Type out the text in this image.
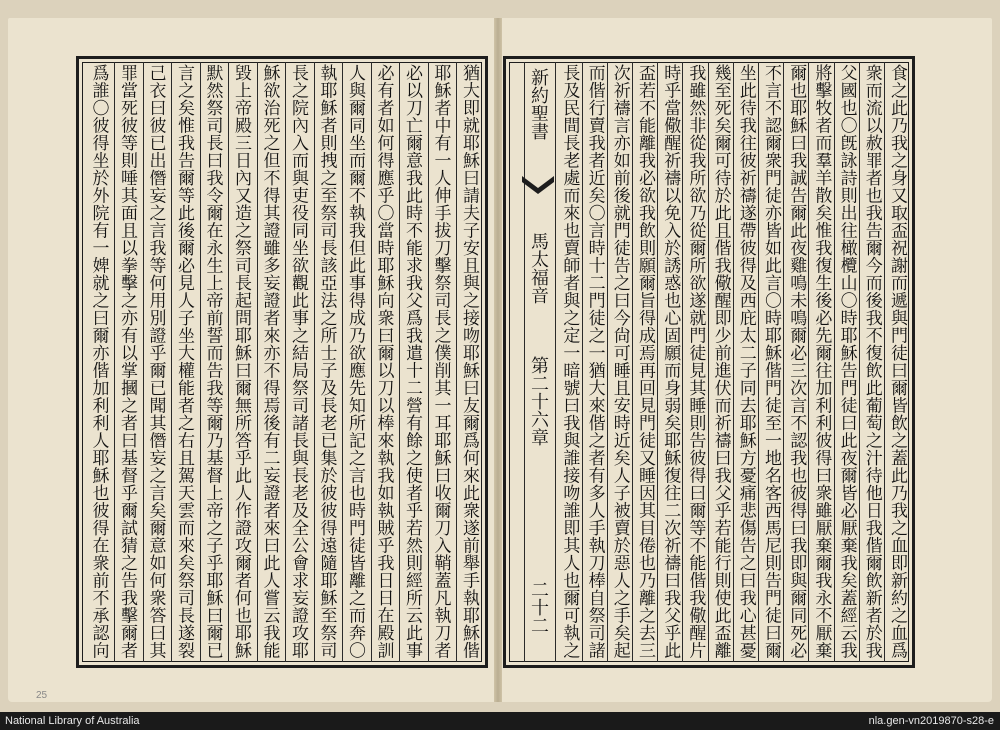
食之此乃我之身又取盃祝謝而遞與門徒曰爾皆飲之蓋此乃我之血即新約之血爲
衆而流以赦罪者也我告爾今而後我不復飲此葡萄之汁待他日我偕爾飲新者於我
父國也〇旣詠詩則出往橄欖山〇時耶穌告門徒曰此夜爾皆必厭棄我矣蓋經云我
將擊牧者而羣羊散矣惟我復生後必先爾往加利利彼得曰衆雖厭棄爾我永不厭棄
爾也耶穌曰我誠告爾此夜雞鳴未鳴爾必三次言不認我也彼得曰我即與爾同死必
不言不認爾衆門徒亦皆如此言〇時耶穌偕門徒至一地名客西馬尼則告門徒曰爾
坐此待我往彼祈禱遂帶彼得及西庇太二子同去耶穌方憂痛悲傷告之曰我心甚憂
幾至死矣爾可待於此且偕我儆醒即少前進伏而祈禱曰我父乎若能行則使此盃離
我雖然非從我所欲乃從爾所欲遂就門徒見其睡則告彼得曰爾等不能偕我儆醒片
時乎當儆醒祈禱以免入於誘惑也心固願而身弱矣耶穌復往二次祈禱曰我父乎此
盃若不能離我必欲我飲則願爾旨得成焉再回見門徒又睡因其目倦也乃離之去三
次祈禱言亦如前後就門徒告之曰今尙可睡且安時近矣人子被賣於惡人之手矣起
而偕行賣我者近矣〇言時十二門徒之一猶大來偕之者有多人手執刀棒自祭司諸
長及民間長老處而來也賣師者與之定一暗號曰我與誰接吻誰即其人也爾可執之
新約聖書
馬太福音
第二十六章
二十二
猶大即就耶穌曰請夫子安且與之接吻耶穌曰友爾爲何來此衆遂前舉手執耶穌偕
耶穌者中有一人伸手拔刀擊祭司長之僕削其一耳耶穌曰收爾刀入鞘蓋凡執刀者
必以刀亡爾意我此時不能求我父爲我遣十二營有餘之使者乎若然則經所云此事
必有者如何得應乎〇當時耶穌向衆曰爾以刀以棒來執我如執賊乎我日日在殿訓
人與爾同坐而爾不執我但此事得成乃欲應先知所記之言也時門徒皆離之而奔〇
執耶穌者則拽之至祭司長該亞法之所士子及長老已集於彼彼得遠隨耶穌至祭司
長之院內入而與吏役同坐欲觀此事之結局祭司諸長與長老及全公會求妄證攻耶
穌欲治死之但不得其證雖多妄證者來亦不得焉後有二妄證者來曰此人嘗云我能
毀上帝殿三日內又造之祭司長起問耶穌曰爾無所答乎此人作證攻爾者何也耶穌
默然祭司長曰我令爾在永生上帝前誓而告我等爾乃基督上帝之子乎耶穌曰爾已
言之矣惟我告爾等此後爾必見人子坐大權能者之右且駕天雲而來矣祭司長遂裂
己衣曰彼已出僭妄之言我等何用別證乎爾已聞其僭妄之言矣爾意如何衆答曰其
罪當死彼等則唾其面且以拳擊之亦有以掌摑之者曰基督乎爾試猜之告我擊爾者
爲誰〇彼得坐於外院有一婢就之曰爾亦偕加利利人耶穌也彼得在衆前不承認向
25
National Library of Australia	nla.gen-vn2019870-s28-e
